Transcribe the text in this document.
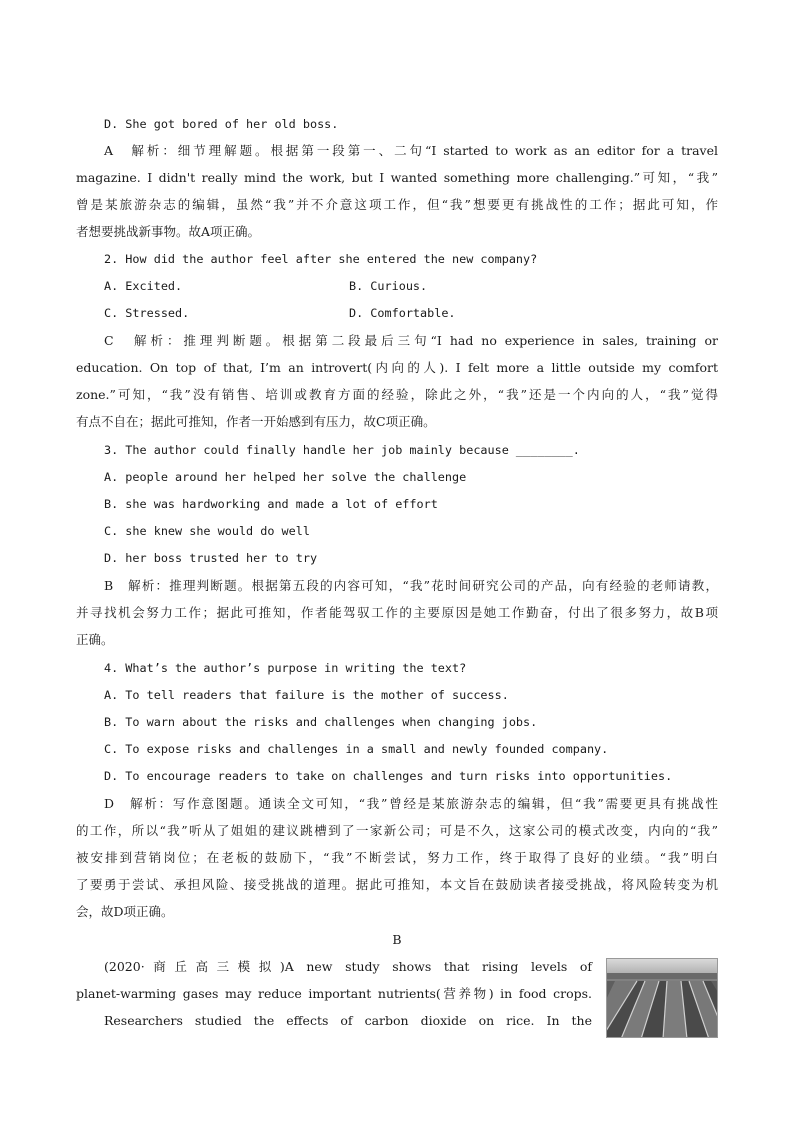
D. She got bored of her old boss.
A　解析：细节理解题。根据第一段第一、二句“I started to work as an editor for a travel
magazine. I didn't really mind the work, but I wanted something more challenging.”可知，“我”
曾是某旅游杂志的编辑，虽然“我”并不介意这项工作，但“我”想要更有挑战性的工作；据此可知，作
者想要挑战新事物。故A项正确。
2. How did the author feel after she entered the new company?
A. Excited.	B. Curious.
C. Stressed.	D. Comfortable.
C　解析：推理判断题。根据第二段最后三句“I had no experience in sales, training or
education. On top of that, I’m an introvert(内向的人). I felt more a little outside my comfort
zone.”可知，“我”没有销售、培训或教育方面的经验，除此之外，“我”还是一个内向的人，“我”觉得
有点不自在；据此可推知，作者一开始感到有压力，故C项正确。
3. The author could finally handle her job mainly because ________.
A. people around her helped her solve the challenge
B. she was hardworking and made a lot of effort
C. she knew she would do well
D. her boss trusted her to try
B　解析：推理判断题。根据第五段的内容可知，“我”花时间研究公司的产品，向有经验的老师请教，
并寻找机会努力工作；据此可推知，作者能驾驭工作的主要原因是她工作勤奋，付出了很多努力，故B项
正确。
4. What’s the author’s purpose in writing the text?
A. To tell readers that failure is the mother of success.
B. To warn about the risks and challenges when changing jobs.
C. To expose risks and challenges in a small and newly founded company.
D. To encourage readers to take on challenges and turn risks into opportunities.
D　解析：写作意图题。通读全文可知，“我”曾经是某旅游杂志的编辑，但“我”需要更具有挑战性
的工作，所以“我”听从了姐姐的建议跳槽到了一家新公司；可是不久，这家公司的模式改变，内向的“我”
被安排到营销岗位；在老板的鼓励下，“我”不断尝试，努力工作，终于取得了良好的业绩。“我”明白
了要勇于尝试、承担风险、接受挑战的道理。据此可推知，本文旨在鼓励读者接受挑战，将风险转变为机
会，故D项正确。
B
(2020·商丘高三模拟)A new study shows that rising levels of
planet-warming gases may reduce important nutrients(营养物) in food crops.
Researchers studied the effects of carbon dioxide on rice. In the
